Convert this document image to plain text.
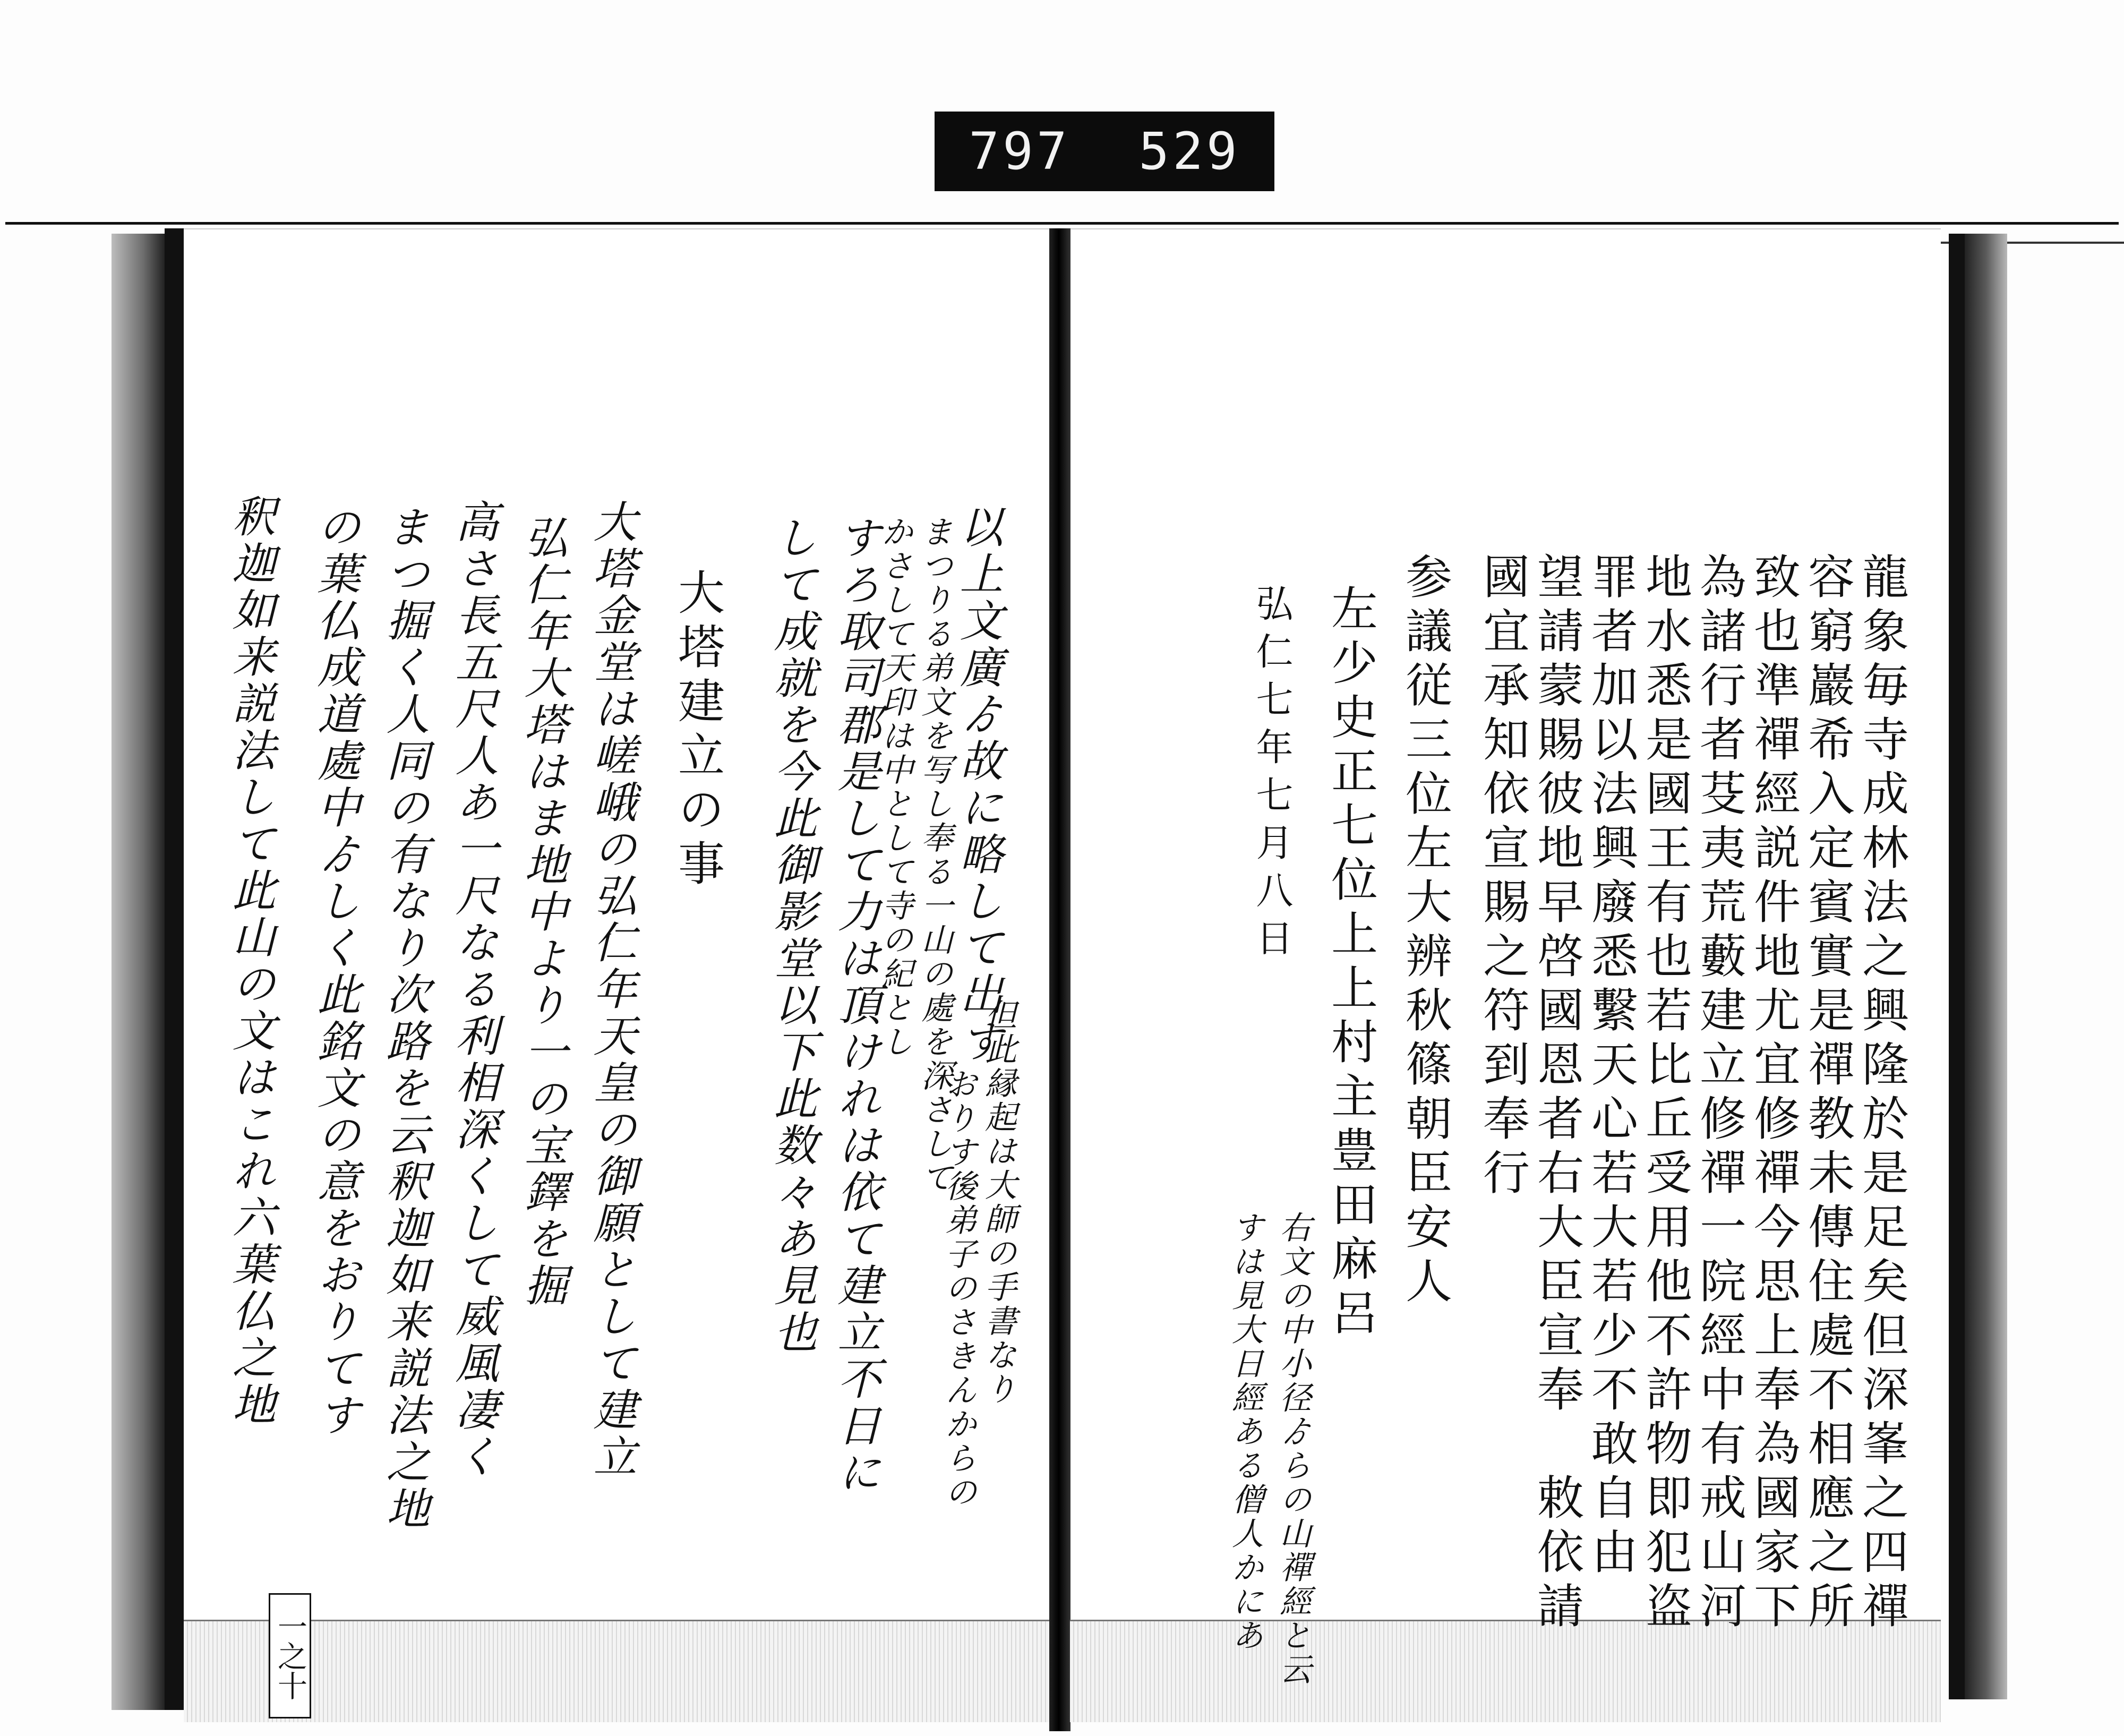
797 529
龍象毎寺成林法之興隆於是足矣但深峯之四禪
容窮巖希入定賓實是禪教未傳住處不相應之所
致也準禪經説件地尤宜修禪今思上奉為國家下
為諸行者芟夷荒藪建立修禪一院經中有戒山河
地水悉是國王有也若比丘受用他不許物即犯盗
罪者加以法興廢悉繫天心若大若少不敢自由
望請蒙賜彼地早啓國恩者右大臣宣奉　敕依請
國宜承知依宣賜之符到奉行
参議従三位左大辨秋篠朝臣安人
左少史正七位上上村主豊田麻呂
弘仁七年七月八日
右文の中小径ゟらの山禪經と云
すは見大日經ある僧人かにあ
以上文廣ゟ故に略して出す
但此縁起は大師の手書なり
まつりる弟文を写し奉る一山の處を深さして
おりす後弟子のさきんからの
かさして天印は中として寺の紀とし
すろ取司郡是して力は頂けれは依て建立不日に
して成就を今此御影堂以下此数々あ見也
大塔建立の事
大塔金堂は嵯峨の弘仁年天皇の御願として建立
弘仁年大塔はま地中より一の宝鐸を掘
高さ長五尺人あ一尺なる利相深くして威風凄く
まつ掘く人同の有なり次路を云釈迦如来説法之地
の葉仏成道處中ゟしく此銘文の意をおりてす
釈迦如来説法して此山の文はこれ六葉仏之地
一之十
